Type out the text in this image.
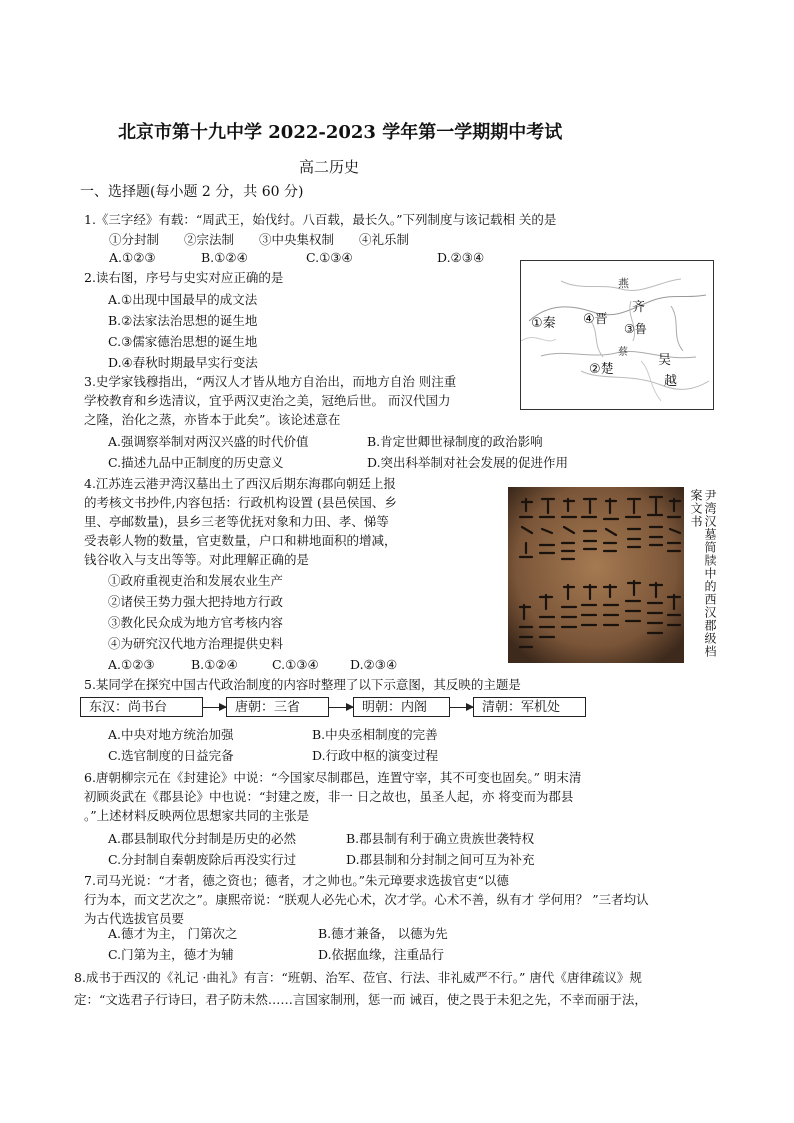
北京市第十九中学 2022-2023 学年第一学期期中考试
高二历史
一、选择题(每小题 2 分，共 60 分)
1.《三字经》有载：“周武王，始伐纣。八百载，最长久。”下列制度与该记载相 关的是
①分封制　　②宗法制　　③中央集权制　　④礼乐制
A.①②③	B.①②④	C.①③④	D.②③④
2.读右图，序号与史实对应正确的是
A.①出现中国最早的成文法
B.②法家法治思想的诞生地
C.③儒家德治思想的诞生地
D.④春秋时期最早实行变法
燕
①秦 ④晋
齐
③鲁
蔡
②楚
吴
越
3.史学家钱穆指出，“两汉人才皆从地方自治出，而地方自治 则注重
学校教育和乡选清议，宜乎两汉吏治之美，冠绝后世。 而汉代国力
之隆，治化之蒸，亦皆本于此矣”。该论述意在
A.强调察举制对两汉兴盛的时代价值	B.肯定世卿世禄制度的政治影响
C.描述九品中正制度的历史意义	D.突出科举制对社会发展的促进作用
4.江苏连云港尹湾汉墓出土了西汉后期东海郡向朝廷上报
的考核文书抄件,内容包括：行政机构设置 (县邑侯国、乡
里、亭邮数量)，县乡三老等优抚对象和力田、孝、悌等
受表彰人物的数量，官吏数量，户口和耕地面积的增减，
钱谷收入与支出等等。对此理解正确的是
①政府重视吏治和发展农业生产
②诸侯王势力强大把持地方行政
③教化民众成为地方官考核内容
④为研究汉代地方治理提供史料
A.①②③	B.①②④	C.①③④	D.②③④
尹湾汉墓简牍中的西汉郡级档案文书
5.某同学在探究中国古代政治制度的内容时整理了以下示意图，其反映的主题是
东汉：尚书台	唐朝：三省	明朝：内阁	清朝：军机处
A.中央对地方统治加强	B.中央丞相制度的完善
C.选官制度的日益完备	D.行政中枢的演变过程
6.唐朝柳宗元在《封建论》中说：“今国家尽制郡邑，连置守宰，其不可变也固矣。” 明末清
初顾炎武在《郡县论》中也说：“封建之废，非一 日之故也，虽圣人起，亦 将变而为郡县
。”上述材料反映两位思想家共同的主张是
A.郡县制取代分封制是历史的必然	B.郡县制有利于确立贵族世袭特权
C.分封制自秦朝废除后再没实行过	D.郡县制和分封制之间可互为补充
7.司马光说：“才者，德之资也；德者，才之帅也。”朱元璋要求选拔官吏“以德
行为本，而文艺次之”。康熙帝说：“朕观人必先心术，次才学。心术不善，纵有才 学何用？ ”三者均认
为古代选拔官员要
A.德才为主， 门第次之	B.德才兼备， 以德为先
C.门第为主，德才为辅	D.依据血缘，注重品行
8.成书于西汉的《礼记 ·曲礼》有言：“班朝、治军、莅官、行法、非礼威严不行。” 唐代《唐律疏议》规
定：“文选君子行诗曰，君子防未然……言国家制刑，惩一而 诫百，使之畏于未犯之先，不幸而丽于法，
